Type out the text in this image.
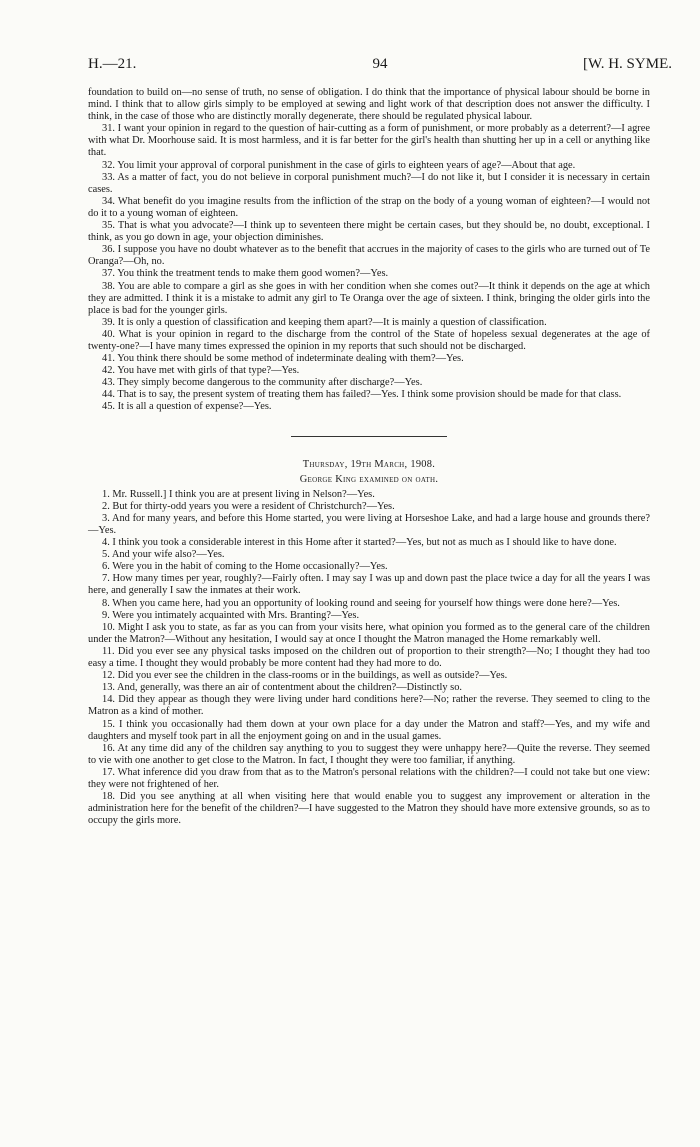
H.—21.	94	[W. H. SYME.

foundation to build on—no sense of truth, no sense of obligation. I do think that the importance of physical labour should be borne in mind. I think that to allow girls simply to be employed at sewing and light work of that description does not answer the difficulty. I think, in the case of those who are distinctly morally degenerate, there should be regulated physical labour.

31. I want your opinion in regard to the question of hair-cutting as a form of punishment, or more probably as a deterrent?—I agree with what Dr. Moorhouse said. It is most harmless, and it is far better for the girl's health than shutting her up in a cell or anything like that.

32. You limit your approval of corporal punishment in the case of girls to eighteen years of age?—About that age.

33. As a matter of fact, you do not believe in corporal punishment much?—I do not like it, but I consider it is necessary in certain cases.

34. What benefit do you imagine results from the infliction of the strap on the body of a young woman of eighteen?—I would not do it to a young woman of eighteen.

35. That is what you advocate?—I think up to seventeen there might be certain cases, but they should be, no doubt, exceptional. I think, as you go down in age, your objection diminishes.

36. I suppose you have no doubt whatever as to the benefit that accrues in the majority of cases to the girls who are turned out of Te Oranga?—Oh, no.

37. You think the treatment tends to make them good women?—Yes.

38. You are able to compare a girl as she goes in with her condition when she comes out?—It think it depends on the age at which they are admitted. I think it is a mistake to admit any girl to Te Oranga over the age of sixteen. I think, bringing the older girls into the place is bad for the younger girls.

39. It is only a question of classification and keeping them apart?—It is mainly a question of classification.

40. What is your opinion in regard to the discharge from the control of the State of hopeless sexual degenerates at the age of twenty-one?—I have many times expressed the opinion in my reports that such should not be discharged.

41. You think there should be some method of indeterminate dealing with them?—Yes.

42. You have met with girls of that type?—Yes.

43. They simply become dangerous to the community after discharge?—Yes.

44. That is to say, the present system of treating them has failed?—Yes. I think some provision should be made for that class.

45. It is all a question of expense?—Yes.

Thursday, 19th March, 1908.
George King examined on oath.

1. Mr. Russell.] I think you are at present living in Nelson?—Yes.

2. But for thirty-odd years you were a resident of Christchurch?—Yes.

3. And for many years, and before this Home started, you were living at Horseshoe Lake, and had a large house and grounds there?—Yes.

4. I think you took a considerable interest in this Home after it started?—Yes, but not as much as I should like to have done.

5. And your wife also?—Yes.

6. Were you in the habit of coming to the Home occasionally?—Yes.

7. How many times per year, roughly?—Fairly often. I may say I was up and down past the place twice a day for all the years I was here, and generally I saw the inmates at their work.

8. When you came here, had you an opportunity of looking round and seeing for yourself how things were done here?—Yes.

9. Were you intimately acquainted with Mrs. Branting?—Yes.

10. Might I ask you to state, as far as you can from your visits here, what opinion you formed as to the general care of the children under the Matron?—Without any hesitation, I would say at once I thought the Matron managed the Home remarkably well.

11. Did you ever see any physical tasks imposed on the children out of proportion to their strength?—No; I thought they had too easy a time. I thought they would probably be more content had they had more to do.

12. Did you ever see the children in the class-rooms or in the buildings, as well as outside?—Yes.

13. And, generally, was there an air of contentment about the children?—Distinctly so.

14. Did they appear as though they were living under hard conditions here?—No; rather the reverse. They seemed to cling to the Matron as a kind of mother.

15. I think you occasionally had them down at your own place for a day under the Matron and staff?—Yes, and my wife and daughters and myself took part in all the enjoyment going on and in the usual games.

16. At any time did any of the children say anything to you to suggest they were unhappy here?—Quite the reverse. They seemed to vie with one another to get close to the Matron. In fact, I thought they were too familiar, if anything.

17. What inference did you draw from that as to the Matron's personal relations with the children?—I could not take but one view: they were not frightened of her.

18. Did you see anything at all when visiting here that would enable you to suggest any improvement or alteration in the administration here for the benefit of the children?—I have suggested to the Matron they should have more extensive grounds, so as to occupy the girls more.
